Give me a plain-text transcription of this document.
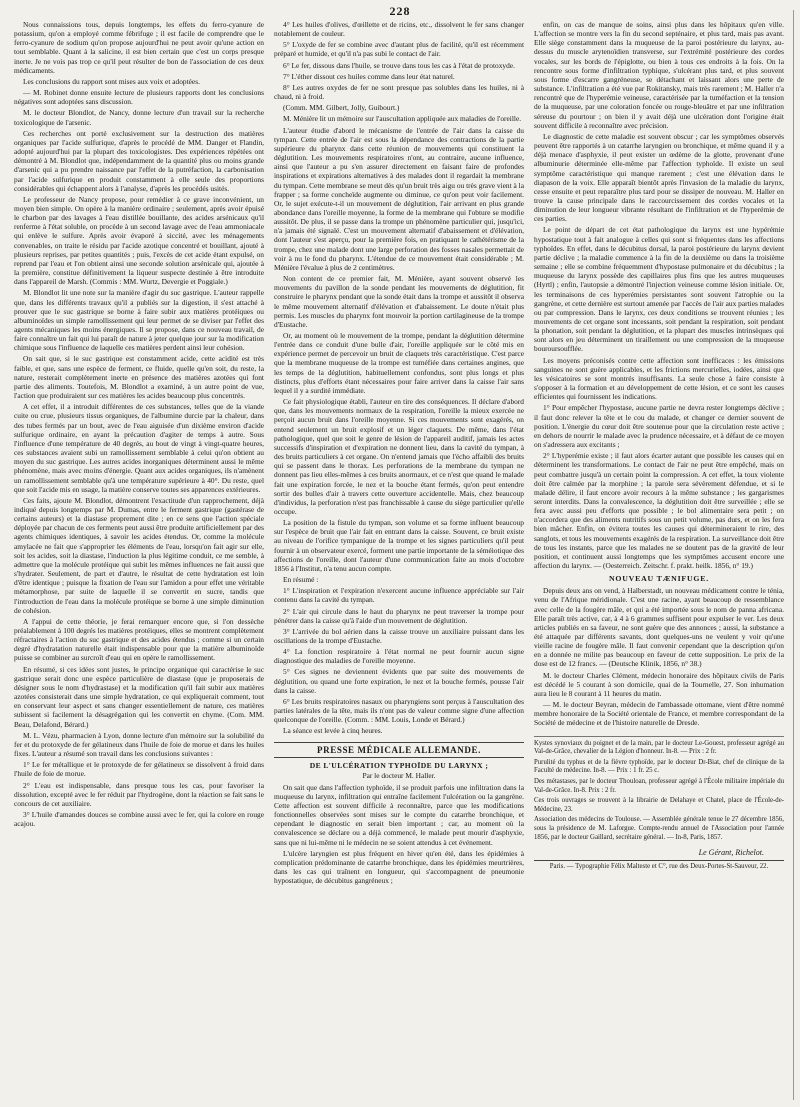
228

Nous connaissions tous, depuis longtemps, les effets du ferro-cyanure de potassium, qu'on a employé comme fébrifuge ; il est facile de comprendre que le ferro-cyanure de sodium qu'on propose aujourd'hui ne peut avoir qu'une action en tout semblable. Quant à la salicine, il est bien certain que c'est un corps presque inerte. Je ne vois pas trop ce qu'il peut résulter de bon de l'association de ces deux médicaments.

Les conclusions du rapport sont mises aux voix et adoptées.

— M. Robinet donne ensuite lecture de plusieurs rapports dont les conclusions négatives sont adoptées sans discussion.

M. le docteur Blondlot, de Nancy, donne lecture d'un travail sur la recherche toxicologique de l'arsenic.

Ces recherches ont porté exclusivement sur la destruction des matières organiques par l'acide sulfurique, d'après le procédé de MM. Danger et Flandin, adopté aujourd'hui par la plupart des toxicologistes. Des expériences répétées ont démontré à M. Blondlot que, indépendamment de la quantité plus ou moins grande d'arsenic qui a pu prendre naissance par l'effet de la putréfaction, la carbonisation par l'acide sulfurique en produit constamment à elle seule des proportions considérables qui échappent alors à l'analyse, d'après les procédés usités.

Le professeur de Nancy propose, pour remédier à ce grave inconvénient, un moyen bien simple. On opère à la manière ordinaire ; seulement, après avoir épuisé le charbon par des lavages à l'eau distillée bouillante, des acides arsénicaux qu'il renferme à l'état soluble, on procède à un second lavage avec de l'eau ammoniacale qui enlève le sulfure. Après avoir évaporé à siccité, avec les ménagements convenables, on traite le résidu par l'acide azotique concentré et bouillant, ajouté à plusieurs reprises, par petites quantités ; puis, l'excès de cet acide étant expulsé, on reprend par l'eau et l'on obtient ainsi une seconde solution arsénicale qui, ajoutée à la première, constitue définitivement la liqueur suspecte destinée à être introduite dans l'appareil de Marsh. (Commis : MM. Wurtz, Devergie et Poggiale.)

M. Blondlot lit une note sur la manière d'agir du suc gastrique. L'auteur rappelle que, dans les différents travaux qu'il a publiés sur la digestion, il s'est attaché à prouver que le suc gastrique se borne à faire subir aux matières protéiques ou albuminoïdes un simple ramollissement qui leur permet de se diviser par l'effet des agents mécaniques les moins énergiques. Il se propose, dans ce nouveau travail, de faire connaître un fait qui lui paraît de nature à jeter quelque jour sur la modification chimique sous l'influence de laquelle ces matières perdent ainsi leur cohésion.

On sait que, si le suc gastrique est constamment acide, cette acidité est très faible, et que, sans une espèce de ferment, ce fluide, quelle qu'en soit, du reste, la nature, resterait complètement inerte en présence des matières azotées qui font partie des aliments. Toutefois, M. Blondlot a examiné, à un autre point de vue, l'action que produiraient sur ces matières les acides beaucoup plus concentrés.

A cet effet, il a introduit différentes de ces substances, telles que de la viande cuite ou crue, plusieurs tissus organiques, de l'albumine durcie par la chaleur, dans des tubes fermés par un bout, avec de l'eau aiguisée d'un dixième environ d'acide sulfurique ordinaire, en ayant la précaution d'agiter de temps à autre. Sous l'influence d'une température de 40 degrés, au bout de vingt à vingt-quatre heures, ces substances avaient subi un ramollissement semblable à celui qu'on obtient au moyen du suc gastrique. Les autres acides inorganiques déterminent aussi le même phénomène, mais avec moins d'énergie. Quant aux acides organiques, ils n'amènent un ramollissement semblable qu'à une température supérieure à 40°. Du reste, quel que soit l'acide mis en usage, la matière conserve toutes ses apparences extérieures.

Ces faits, ajoute M. Blondlot, démontrent l'exactitude d'un rapprochement, déjà indiqué depuis longtemps par M. Dumas, entre le ferment gastrique (gastérase de certains auteurs) et la diastase proprement dite ; en ce sens que l'action spéciale déployée par chacun de ces ferments peut aussi être produite artificiellement par des agents chimiques identiques, à savoir les acides étendus. Or, comme la molécule amylacée ne fait que s'approprier les éléments de l'eau, lorsqu'on fait agir sur elle, soit les acides, soit la diastase, l'induction la plus légitime conduit, ce me semble, à admettre que la molécule protéique qui subit les mêmes influences ne fait aussi que s'hydrater. Seulement, de part et d'autre, le résultat de cette hydratation est loin d'être identique ; puisque la fixation de l'eau sur l'amidon a pour effet une véritable métamorphose, par suite de laquelle il se convertit en sucre, tandis que l'introduction de l'eau dans la molécule protéique se borne à une simple diminution de cohésion.

A l'appui de cette théorie, je ferai remarquer encore que, si l'on dessèche préalablement à 100 degrés les matières protéiques, elles se montrent complètement réfractaires à l'action du suc gastrique et des acides étendus ; comme si un certain degré d'hydratation naturelle était indispensable pour que la matière albuminoïde puisse se combiner au surcroît d'eau qui en opère le ramollissement.

En résumé, si ces idées sont justes, le principe organique qui caractérise le suc gastrique serait donc une espèce particulière de diastase (que je proposerais de désigner sous le nom d'hydrastase) et la modification qu'il fait subir aux matières azotées consisterait dans une simple hydratation, ce qui expliquerait comment, tout en conservant leur aspect et sans changer essentiellement de nature, ces matières subissent si facilement la désagrégation qui les convertit en chyme. (Com. MM. Beau, Delafond, Bérard.)

M. L. Vézu, pharmacien à Lyon, donne lecture d'un mémoire sur la solubilité du fer et du protoxyde de fer gélatineux dans l'huile de foie de morue et dans les huiles fixes. L'auteur a résumé son travail dans les conclusions suivantes :

1° Le fer métallique et le protoxyde de fer gélatineux se dissolvent à froid dans l'huile de foie de morue.

2° L'eau est indispensable, dans presque tous les cas, pour favoriser la dissolution, excepté avec le fer réduit par l'hydrogène, dont la réaction se fait sans le concours de cet auxiliaire.

3° L'huile d'amandes douces se combine aussi avec le fer, qui la colore en rouge acajou.

4° Les huiles d'olives, d'œillette et de ricins, etc., dissolvent le fer sans changer notablement de couleur.

5° L'oxyde de fer se combine avec d'autant plus de facilité, qu'il est récemment préparé et humide, et qu'il n'a pas subi le contact de l'air.

6° Le fer, dissous dans l'huile, se trouve dans tous les cas à l'état de protoxyde.

7° L'éther dissout ces huiles comme dans leur état naturel.

8° Les autres oxydes de fer ne sont presque pas solubles dans les huiles, ni à chaud, ni à froid.

(Comm. MM. Gilbert, Jolly, Guibourt.)

M. Ménière lit un mémoire sur l'auscultation appliquée aux maladies de l'oreille.

L'auteur étudie d'abord le mécanisme de l'entrée de l'air dans la caisse du tympan. Cette entrée de l'air est sous la dépendance des contractions de la partie supérieure du pharynx dans cette réunion de mouvements qui constituent la déglutition. Les mouvements respiratoires n'ont, au contraire, aucune influence, ainsi que l'auteur a pu s'en assurer directement en faisant faire de profondes inspirations et expirations alternatives à des malades dont il regardait la membrane du tympan. Cette membrane se meut dès qu'un bruit très aigu ou très grave vient à la frapper ; sa forme concheïde augmente ou diminue, ce qu'on peut voir facilement. Or, le sujet exécute-t-il un mouvement de déglutition, l'air arrivant en plus grande abondance dans l'oreille moyenne, la forme de la membrane qui l'obture se modifie aussitôt. De plus, il se passe dans la trompe un phénomène particulier qui, jusqu'ici, n'a jamais été signalé. C'est un mouvement alternatif d'abaissement et d'élévation, dont l'auteur s'est aperçu, pour la première fois, en pratiquant le cathétérisme de la trompe, chez une malade dont une large perforation des fosses nasales permettait de voir à nu le fond du pharynx. L'étendue de ce mouvement était considérable ; M. Ménière l'évalue à plus de 2 centimètres.

Non content de ce premier fait, M. Ménière, ayant souvent observé les mouvements du pavillon de la sonde pendant les mouvements de déglutition, fit construire le pharynx pendant que la sonde était dans la trompe et aussitôt il observa le même mouvement alternatif d'élévation et d'abaissement. Le doute n'était plus permis. Les muscles du pharynx font mouvoir la portion cartilagineuse de la trompe d'Eustache.

Or, au moment où le mouvement de la trompe, pendant la déglutition détermine l'entrée dans ce conduit d'une bulle d'air, l'oreille appliquée sur le côté mis en expérience permet de percevoir un bruit de claquets très caractéristique. C'est parce que la membrane muqueuse de la trompe est tuméfiée dans certaines angines, que les temps de la déglutition, habituellement confondus, sont plus longs et plus distincts, plus d'efforts étant nécessaires pour faire arriver dans la caisse l'air sans lequel il y a surdité immédiate.

Ce fait physiologique établi, l'auteur en tire des conséquences. Il déclare d'abord que, dans les mouvements normaux de la respiration, l'oreille la mieux exercée ne perçoit aucun bruit dans l'oreille moyenne. Si ces mouvements sont exagérés, on entend seulement un bruit explosif et un léger claquets. De même, dans l'état pathologique, quel que soit le genre de lésion de l'appareil auditif, jamais les actes successifs d'inspiration et d'expiration ne donnent lieu, dans la cavité du tympan, à des bruits particuliers à cet organe. On n'entend jamais que l'écho affaibli des bruits qui se passent dans le thorax. Les perforations de la membrane du tympan ne donnent pas lieu elles-mêmes à ces bruits anormaux, et ce n'est que quand le malade fait une expiration forcée, le nez et la bouche étant fermés, qu'on peut entendre sortir des bulles d'air à travers cette ouverture accidentelle. Mais, chez beaucoup d'individus, la perforation n'est pas franchissable à cause du siège particulier qu'elle occupe.

La position de la fistule du tympan, son volume et sa forme influent beaucoup sur l'espèce de bruit que l'air fait en entrant dans la caisse. Souvent, ce bruit existe au niveau de l'orifice tympanique de la trompe et les signes particuliers qu'il peut fournir à un observateur exercé, forment une partie importante de la séméiotique des affections de l'oreille, dont l'auteur d'une communication faite au mois d'octobre 1856 à l'Institut, n'a tenu aucun compte.

En résumé :

1° L'inspiration et l'expiration n'exercent aucune influence appréciable sur l'air contenu dans la cavité du tympan.

2° L'air qui circule dans le haut du pharynx ne peut traverser la trompe pour pénétrer dans la caisse qu'à l'aide d'un mouvement de déglutition.

3° L'arrivée du bol aérien dans la caisse trouve un auxiliaire puissant dans les oscillations de la trompe d'Eustache.

4° La fonction respiratoire à l'état normal ne peut fournir aucun signe diagnostique des maladies de l'oreille moyenne.

5° Ces signes ne deviennent évidents que par suite des mouvements de déglutition, ou quand une forte expiration, le nez et la bouche fermés, pousse l'air dans la caisse.

6° Les bruits respiratoires nasaux ou pharyngiens sont perçus à l'auscultation des parties latérales de la tête, mais ils n'ont pas de valeur comme signe d'une affection quelconque de l'oreille. (Comm. : MM. Louis, Londe et Bérard.)

La séance est levée à cinq heures.

PRESSE MÉDICALE ALLEMANDE.
DE L'ULCÉRATION TYPHOÏDE DU LARYNX ;
Par le docteur M. Haller.

On sait que dans l'affection typhoïde, il se produit parfois une infiltration dans la muqueuse du larynx, infiltration qui entraîne facilement l'ulcération ou la gangrène. Cette affection est souvent difficile à reconnaître, parce que les modifications fonctionnelles observées sont mises sur le compte du catarrhe bronchique, et cependant le diagnostic en serait bien important ; car, au moment où la convalescence se déclare ou a déjà commencé, le malade peut mourir d'asphyxie, sans que ni lui-même ni le médecin ne se soient attendus à cet événement.

L'ulcère laryngien est plus fréquent en hiver qu'en été, dans les épidémies à complication prédominante de catarrhe bronchique, dans les épidémies meurtrières, dans les cas qui traînent en longueur, qui s'accompagnent de pneumonie hypostatique, de décubitus gangréneux ;

enfin, on cas de manque de soins, ainsi plus dans les hôpitaux qu'en ville. L'affection se montre vers la fin du second septénaire, et plus tard, mais pas avant. Elle siège constamment dans la muqueuse de la paroi postérieure du larynx, au-dessus du muscle arytenoïdien transverse, sur l'extrémité postérieure des cordes vocales, sur les bords de l'épiglotte, ou bien à tous ces endroits à la fois. On la rencontre sous forme d'infiltration typhique, s'ulcérant plus tard, et plus souvent sous forme d'escarre gangréneuse, se détachant et laissant alors une perte de substance. L'infiltration a été vue par Rokitansky, mais très rarement ; M. Haller n'a rencontré que de l'hyperémie veineuse, caractérisée par la tuméfaction et la tension de la muqueuse, par une coloration foncée ou rouge-bleuâtre et par une infiltration séreuse du pourtour ; on bien il y avait déjà une ulcération dont l'origine était souvent difficile à reconnaître avec précision.

Le diagnostic de cette maladie est souvent obscur ; car les symptômes observés peuvent être rapportés à un catarrhe laryngien ou bronchique, et même quand il y a déjà menace d'asphyxie, il peut exister un œdème de la glotte, provenant d'une albuminurie déterminée elle-même par l'affection typhoïde. Il existe un seul symptôme caractéristique qui manque rarement ; c'est une élévation dans le diapason de la voix. Elle apparaît bientôt après l'invasion de la maladie du larynx, cesse ensuite et peut reparaître plus tard pour se dissiper de nouveau. M. Haller en trouve la cause principale dans le raccourcissement des cordes vocales et la diminution de leur longueur vibrante résultant de l'infiltration et de l'hyperémie de ces parties.

Le point de départ de cet état pathologique du larynx est une hypérémie hypostatique tout à fait analogue à celles qui sont si fréquentes dans les affections typhoïdes. En effet, dans le décubitus dorsal, la paroi postérieure du larynx devient partie déclive ; la maladie commence à la fin de la deuxième ou dans la troisième semaine ; elle se combine fréquemment d'hypostase pulmonaire et du décubitus ; la muqueuse du larynx possède des capillaires plus fins que les autres muqueuses (Hyrtl) ; enfin, l'autopsie a démontré l'injection veineuse comme lésion initiale. Or, les terminaisons de ces hyperémies persistantes sont souvent l'atrophie ou la gangrène, et cette dernière est surtout amenée par l'accès de l'air aux parties malades ou par compression. Dans le larynx, ces deux conditions se trouvent réunies ; les mouvements de cet organe sont incessants, soit pendant la respiration, soit pendant la phonation, soit pendant la déglutition, et la plupart des muscles intrinsèques qui sont alors en jeu déterminent un tiraillement ou une compression de la muqueuse bouroursoufflée.

Les moyens préconisés contre cette affection sont inefficaces : les émissions sanguines ne sont guère applicables, et les frictions mercurielles, iodées, ainsi que les vésicatoires se sont montrés insuffisants. La seule chose à faire consiste à s'opposer à la formation et au développement de cette lésion, et ce sont les causes efficientes qui fournissent les indications.

1° Pour empêcher l'hypostase, aucune partie ne devra rester longtemps déclive ; il faut donc relever la tête et le cou du malade, et changer ce dernier souvent de position. L'énergie du cœur doit être soutenue pour que la circulation reste active ; en dehors de nourrir le malade avec la prudence nécessaire, et à défaut de ce moyen on s'adressera aux excitants ;

2° L'hyperémie existe ; il faut alors écarter autant que possible les causes qui en déterminent les transformations. Le contact de l'air ne peut être empêché, mais on peut combattre jusqu'à un certain point la compression. A cet effet, la toux violente doit être calmée par la morphine ; la parole sera sévèrement défendue, et si le malade délire, il faut encore avoir recours à la même substance ; les gargarismes seront interdits. Dans la convalescence, la déglutition doit être surveillée ; elle se fera avec aussi peu d'efforts que possible ; le bol alimentaire sera petit ; on n'accordera que des aliments nutritifs sous un petit volume, pas durs, et on les fera bien mâcher. Enfin, on évitera toutes les causes qui détermineraient le rire, des sanglots, et tous les mouvements exagérés de la respiration. La surveillance doit être de tous les instants, parce que les malades ne se doutent pas de la gravité de leur position, et continuent aussi longtemps que les symptômes accusent encore une affection du larynx. — (Oesterreich. Zeitschr. f. prakt. heilk. 1856, n° 19.)

NOUVEAU TÆNIFUGE.

Depuis deux ans on vend, à Halberstadt, un nouveau médicament contre le ténia, venu de l'Afrique méridionale. C'est une racine, ayant beaucoup de ressemblance avec celle de la fougère mâle, et qui a été importée sous le nom de panna africana. Elle paraît très active, car, à 4 à 6 grammes suffisent pour expulser le ver. Les deux articles publiés en sa faveur, ne sont guère que des annonces ; aussi, la substance a été attaquée par différents savants, dont quelques-uns ne veulent y voir qu'une vieille racine de fougère mâle. Il faut convenir cependant que la description qu'on en a donnée ne milite pas beaucoup en faveur de cette supposition. Le prix de la dose est de 12 francs. — (Deutsche Klinik, 1856, n° 38.)

M. le docteur Charles Clément, médecin honoraire des hôpitaux civils de Paris est décédé le 5 courant à son domicile, quai de la Tournelle, 27. Son inhumation aura lieu le 8 courant à 11 heures du matin.

— M. le docteur Beyran, médecin de l'ambassade ottomane, vient d'être nommé membre honoraire de la Société orientale de France, et membre correspondant de la Société de médecine et de l'histoire naturelle de Dresde.

Kystes synoviaux du poignet et de la main, par le docteur Le-Gouest, professeur agrégé au Val-de-Grâce, chevalier de la Légion d'honneur. In-8. — Prix : 2 fr.

Purulité du typhus et de la fièvre typhoïde, par le docteur Dr-Biat, chef de clinique de la Faculté de médecine. In-8. — Prix : 1 fr. 25 c.

Des métastases, par le docteur Thouloan, professeur agrégé à l'École militaire impériale du Val-de-Grâce. In-8. Prix : 2 fr.

Ces trois ouvrages se trouvent à la librairie de Delahaye et Chatel, place de l'École-de-Médecine, 23.

Association des médecins de Toulouse. — Assemblée générale tenue le 27 décembre 1856, sous la présidence de M. Laforgue. Compte-rendu annuel de l'Association pour l'année 1856, par le docteur Gaillard, secrétaire général. — In-8, Paris, 1857.

Le Gérant, Richelot.
Paris. — Typographie Félix Malteste et C°, rue des Deux-Portes-St-Sauveur, 22.
